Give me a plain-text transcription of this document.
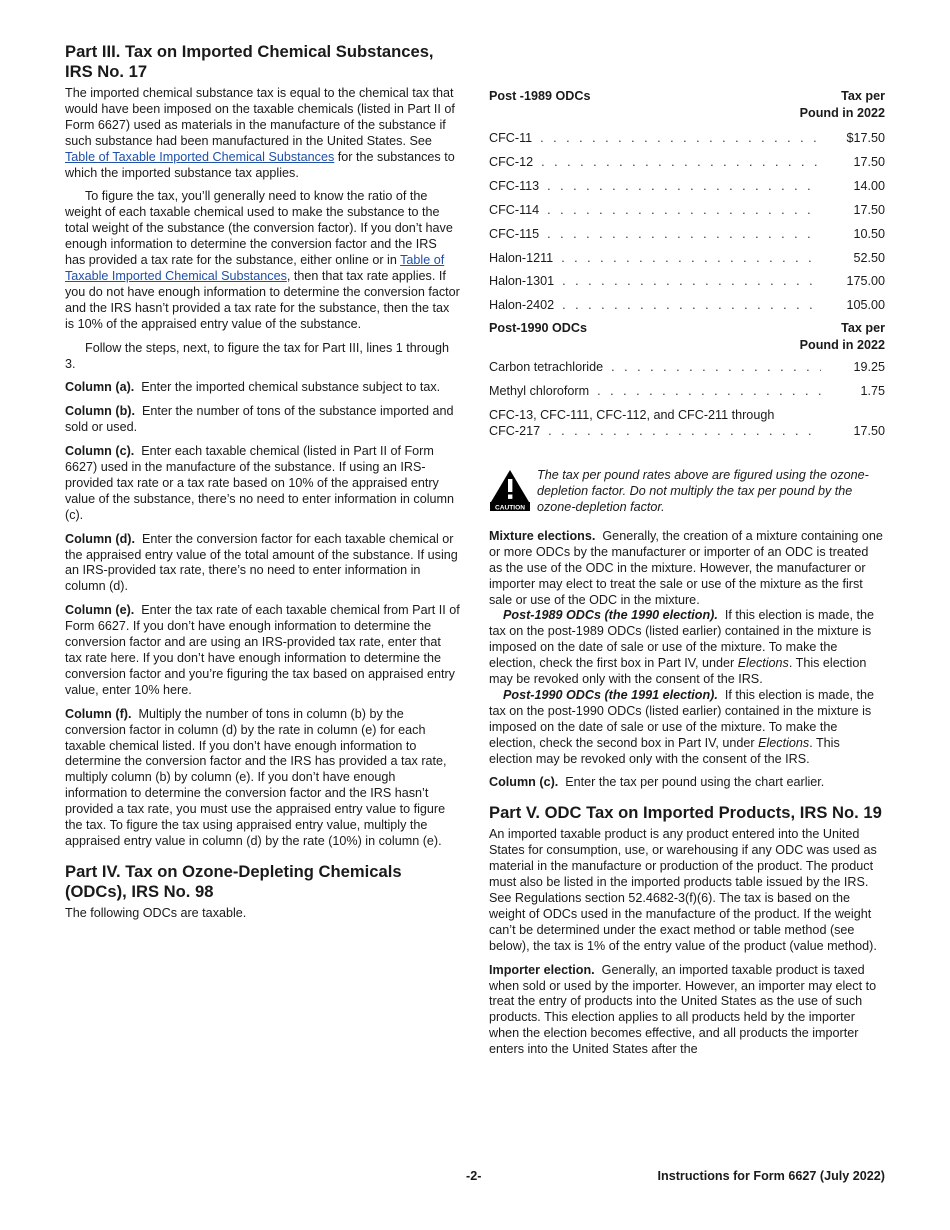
Part III. Tax on Imported Chemical Substances, IRS No. 17

The imported chemical substance tax is equal to the chemical tax that would have been imposed on the taxable chemicals (listed in Part II of Form 6627) used as materials in the manufacture of the substance if such substance had been manufactured in the United States. See Table of Taxable Imported Chemical Substances for the substances to which the imported substance tax applies.

To figure the tax, you’ll generally need to know the ratio of the weight of each taxable chemical used to make the substance to the total weight of the substance (the conversion factor). If you don’t have enough information to determine the conversion factor and the IRS has provided a tax rate for the substance, either online or in Table of Taxable Imported Chemical Substances, then that tax rate applies. If you do not have enough information to determine the conversion factor and the IRS hasn’t provided a tax rate for the substance, then the tax is 10% of the appraised entry value of the substance.

Follow the steps, next, to figure the tax for Part III, lines 1 through 3.

Column (a). Enter the imported chemical substance subject to tax.

Column (b). Enter the number of tons of the substance imported and sold or used.

Column (c). Enter each taxable chemical (listed in Part II of Form 6627) used in the manufacture of the substance. If using an IRS-provided tax rate or a tax rate based on 10% of the appraised entry value of the substance, there’s no need to enter information in column (c).

Column (d). Enter the conversion factor for each taxable chemical or the appraised entry value of the total amount of the substance. If using an IRS-provided tax rate, there’s no need to enter information in column (d).

Column (e). Enter the tax rate of each taxable chemical from Part II of Form 6627. If you don’t have enough information to determine the conversion factor and are using an IRS-provided tax rate, enter that tax rate here. If you don’t have enough information to determine the conversion factor and you’re figuring the tax based on appraised entry value, enter 10% here.

Column (f). Multiply the number of tons in column (b) by the conversion factor in column (d) by the rate in column (e) for each taxable chemical listed. If you don’t have enough information to determine the conversion factor and the IRS has provided a tax rate, multiply column (b) by column (e). If you don’t have enough information to determine the conversion factor and the IRS hasn’t provided a tax rate, you must use the appraised entry value to figure the tax. To figure the tax using appraised entry value, multiply the appraised entry value in column (d) by the rate (10%) in column (e).

Part IV. Tax on Ozone-Depleting Chemicals (ODCs), IRS No. 98

The following ODCs are taxable.

Post -1989 ODCs	Tax per
Pound in 2022
CFC-11 . . .	$17.50
CFC-12 . . .	17.50
CFC-113 . . .	14.00
CFC-114 . . .	17.50
CFC-115 . . .	10.50
Halon-1211 . . .	52.50
Halon-1301 . . .	175.00
Halon-2402 . . .	105.00
Post-1990 ODCs	Tax per
Pound in 2022
Carbon tetrachloride . . .	19.25
Methyl chloroform . . .	1.75
CFC-13, CFC-111, CFC-112, and CFC-211 through
CFC-217 . . .	17.50
CAUTION
The tax per pound rates above are figured using the ozone-depletion factor. Do not multiply the tax per pound by the ozone-depletion factor.

Mixture elections. Generally, the creation of a mixture containing one or more ODCs by the manufacturer or importer of an ODC is treated as the use of the ODC in the mixture. However, the manufacturer or importer may elect to treat the sale or use of the mixture as the first sale or use of the ODC in the mixture.

Post-1989 ODCs (the 1990 election). If this election is made, the tax on the post-1989 ODCs (listed earlier) contained in the mixture is imposed on the date of sale or use of the mixture. To make the election, check the first box in Part IV, under Elections. This election may be revoked only with the consent of the IRS.

Post-1990 ODCs (the 1991 election). If this election is made, the tax on the post-1990 ODCs (listed earlier) contained in the mixture is imposed on the date of sale or use of the mixture. To make the election, check the second box in Part IV, under Elections. This election may be revoked only with the consent of the IRS.

Column (c). Enter the tax per pound using the chart earlier.

Part V. ODC Tax on Imported Products, IRS No. 19

An imported taxable product is any product entered into the United States for consumption, use, or warehousing if any ODC was used as material in the manufacture or production of the product. The product must also be listed in the imported products table issued by the IRS. See Regulations section 52.4682-3(f)(6). The tax is based on the weight of ODCs used in the manufacture of the product. If the weight can’t be determined under the exact method or table method (see below), the tax is 1% of the entry value of the product (value method).

Importer election. Generally, an imported taxable product is taxed when sold or used by the importer. However, an importer may elect to treat the entry of products into the United States as the use of such products. This election applies to all products held by the importer when the election becomes effective, and all products the importer enters into the United States after the

-2-	Instructions for Form 6627 (July 2022)
